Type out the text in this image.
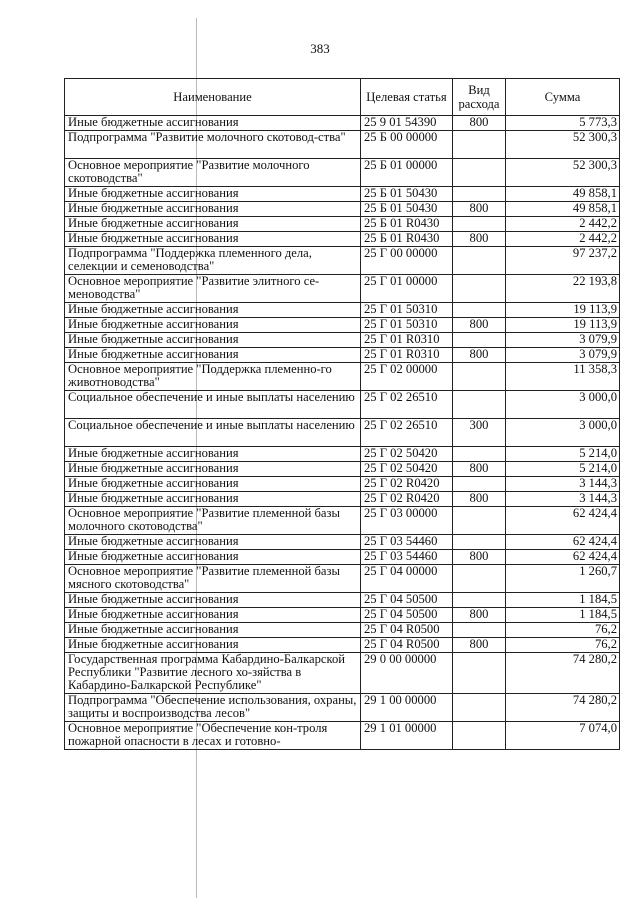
383
Наименование	Целевая статья	Вид расхода	Сумма
Иные бюджетные ассигнования	25 9 01 54390	800	5 773,3
Подпрограмма "Развитие молочного скотовод-ства"	25 Б 00 00000		52 300,3
Основное мероприятие "Развитие молочного скотоводства"	25 Б 01 00000		52 300,3
Иные бюджетные ассигнования	25 Б 01 50430		49 858,1
Иные бюджетные ассигнования	25 Б 01 50430	800	49 858,1
Иные бюджетные ассигнования	25 Б 01 R0430		2 442,2
Иные бюджетные ассигнования	25 Б 01 R0430	800	2 442,2
Подпрограмма "Поддержка племенного дела, селекции и семеноводства"	25 Г 00 00000		97 237,2
Основное мероприятие "Развитие элитного се-меноводства"	25 Г 01 00000		22 193,8
Иные бюджетные ассигнования	25 Г 01 50310		19 113,9
Иные бюджетные ассигнования	25 Г 01 50310	800	19 113,9
Иные бюджетные ассигнования	25 Г 01 R0310		3 079,9
Иные бюджетные ассигнования	25 Г 01 R0310	800	3 079,9
Основное мероприятие "Поддержка племенно-го животноводства"	25 Г 02 00000		11 358,3
Социальное обеспечение и иные выплаты населению	25 Г 02 26510		3 000,0
Социальное обеспечение и иные выплаты населению	25 Г 02 26510	300	3 000,0
Иные бюджетные ассигнования	25 Г 02 50420		5 214,0
Иные бюджетные ассигнования	25 Г 02 50420	800	5 214,0
Иные бюджетные ассигнования	25 Г 02 R0420		3 144,3
Иные бюджетные ассигнования	25 Г 02 R0420	800	3 144,3
Основное мероприятие "Развитие племенной базы молочного скотоводства"	25 Г 03 00000		62 424,4
Иные бюджетные ассигнования	25 Г 03 54460		62 424,4
Иные бюджетные ассигнования	25 Г 03 54460	800	62 424,4
Основное мероприятие "Развитие племенной базы мясного скотоводства"	25 Г 04 00000		1 260,7
Иные бюджетные ассигнования	25 Г 04 50500		1 184,5
Иные бюджетные ассигнования	25 Г 04 50500	800	1 184,5
Иные бюджетные ассигнования	25 Г 04 R0500		76,2
Иные бюджетные ассигнования	25 Г 04 R0500	800	76,2
Государственная программа Кабардино-Балкарской Республики "Развитие лесного хо-зяйства в Кабардино-Балкарской Республике"	29 0 00 00000		74 280,2
Подпрограмма "Обеспечение использования, охраны, защиты и воспроизводства лесов"	29 1 00 00000		74 280,2
Основное мероприятие "Обеспечение кон-троля пожарной опасности в лесах и готовно-	29 1 01 00000		7 074,0
